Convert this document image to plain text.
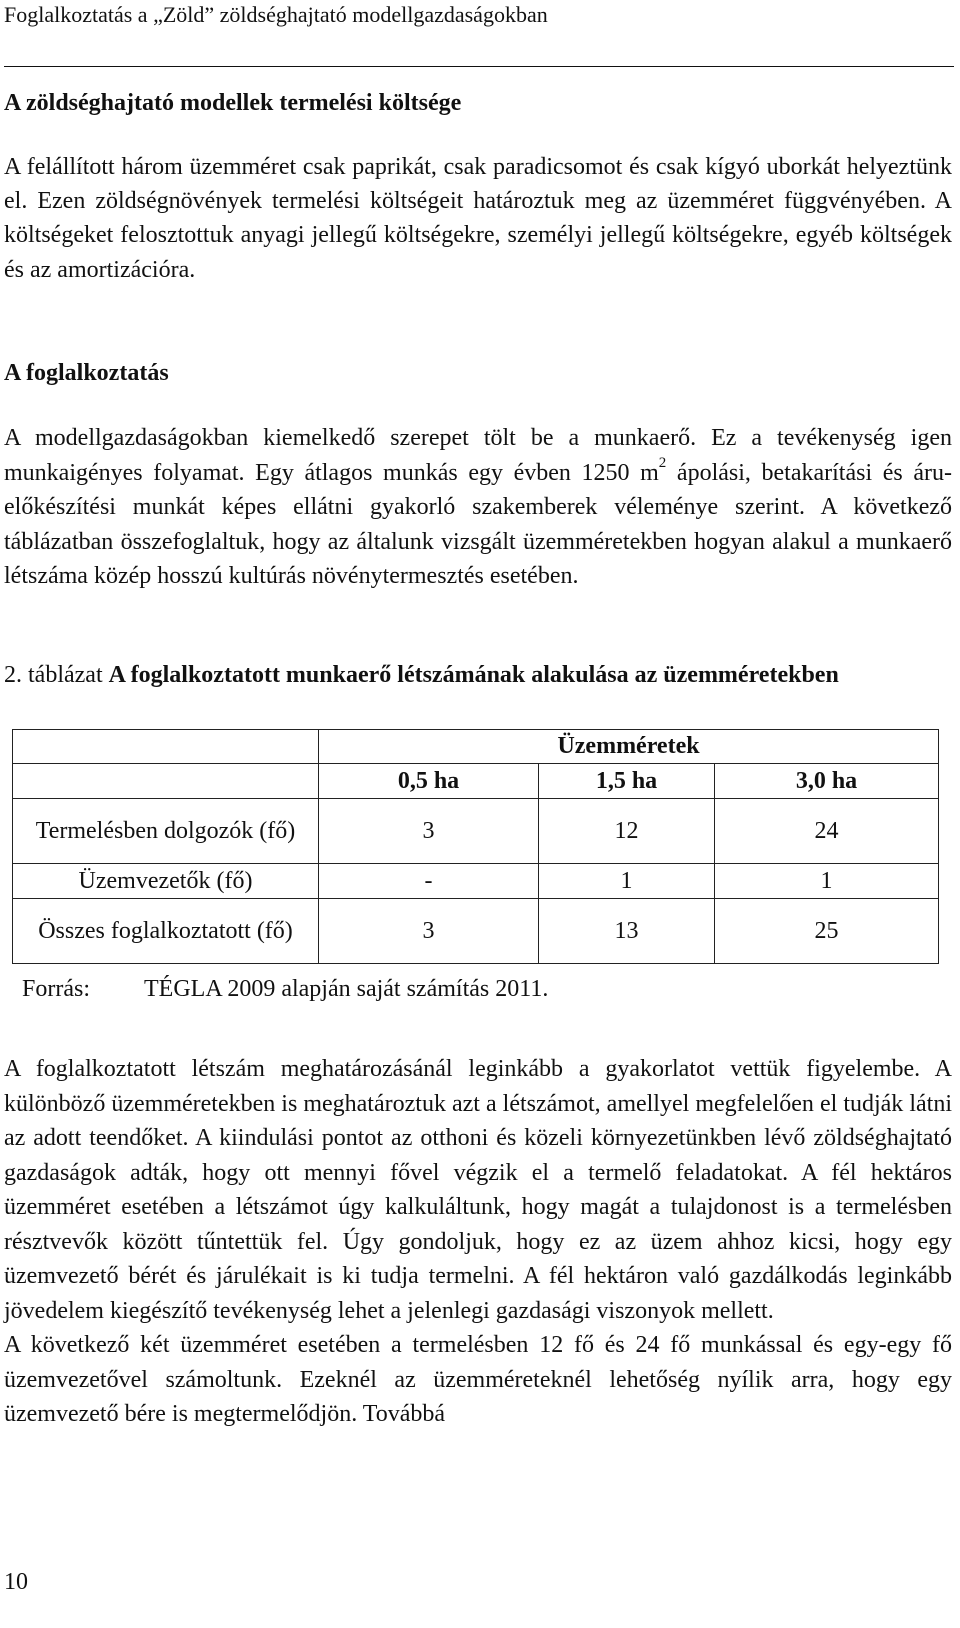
Foglalkoztatás a „Zöld” zöldséghajtató modellgazdaságokban
A zöldséghajtató modellek termelési költsége
A felállított három üzemméret csak paprikát, csak paradicsomot és csak kígyó uborkát helyeztünk el. Ezen zöldségnövények termelési költségeit határoztuk meg az üzemméret függvényében. A költségeket felosztottuk anyagi jellegű költségekre, személyi jellegű költségekre, egyéb költségek és az amortizációra.
A foglalkoztatás
A modellgazdaságokban kiemelkedő szerepet tölt be a munkaerő. Ez a tevékenység igen munkaigényes folyamat. Egy átlagos munkás egy évben 1250 $m^2$ ápolási, betakarítási és áru-előkészítési munkát képes ellátni gyakorló szakemberek véleménye szerint. A következő táblázatban összefoglaltuk, hogy az általunk vizsgált üzemméretekben hogyan alakul a munkaerő létszáma közép hosszú kultúrás növénytermesztés esetében.
2. táblázat A foglalkoztatott munkaerő létszámának alakulása az üzemméretekben
	Üzemméretek		
	0,5 ha	1,5 ha	3,0 ha
Termelésben dolgozók (fő)	3	12	24
Üzemvezetők (fő)	-	1	1
Összes foglalkoztatott (fő)	3	13	25
Forrás: TÉGLA 2009 alapján saját számítás 2011.
A foglalkoztatott létszám meghatározásánál leginkább a gyakorlatot vettük figyelembe. A különböző üzemméretekben is meghatároztuk azt a létszámot, amellyel megfelelően el tudják látni az adott teendőket. A kiindulási pontot az otthoni és közeli környezetünkben lévő zöldséghajtató gazdaságok adták, hogy ott mennyi fővel végzik el a termelő feladatokat. A fél hektáros üzemméret esetében a létszámot úgy kalkuláltunk, hogy magát a tulajdonost is a termelésben résztvevők között tűntettük fel. Úgy gondoljuk, hogy ez az üzem ahhoz kicsi, hogy egy üzemvezető bérét és járulékait is ki tudja termelni. A fél hektáron való gazdálkodás leginkább jövedelem kiegészítő tevékenység lehet a jelenlegi gazdasági viszonyok mellett.
A következő két üzemméret esetében a termelésben 12 fő és 24 fő munkással és egy-egy fő üzemvezetővel számoltunk. Ezeknél az üzemméreteknél lehetőség nyílik arra, hogy egy üzemvezető bére is megtermelődjön. Továbbá
10
